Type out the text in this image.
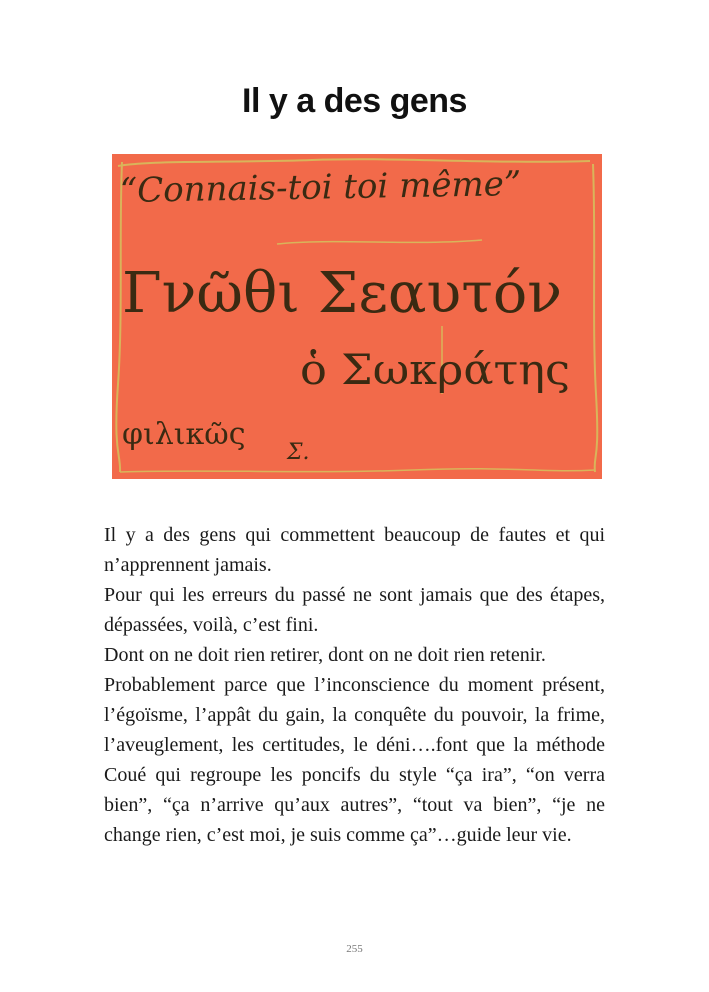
Il y a des gens
“Connais-toi toi même”
Γνῶθι Σεαυτόν
ὁ Σωκράτης
φιλικῶς
Σ.

Il y a des gens qui commettent beaucoup de fautes et qui n’apprennent jamais.

Pour qui les erreurs du passé ne sont jamais que des étapes, dépassées, voilà, c’est fini.

Dont on ne doit rien retirer, dont on ne doit rien retenir.

Probablement parce que l’inconscience du moment présent, l’égoïsme, l’appât du gain, la conquête du pouvoir, la frime, l’aveuglement, les certitudes, le déni….font que la méthode Coué qui regroupe les poncifs du style “ça ira”, “on verra bien”, “ça n’arrive qu’aux autres”, “tout va bien”, “je ne change rien, c’est moi, je suis comme ça”…guide leur vie.

255
